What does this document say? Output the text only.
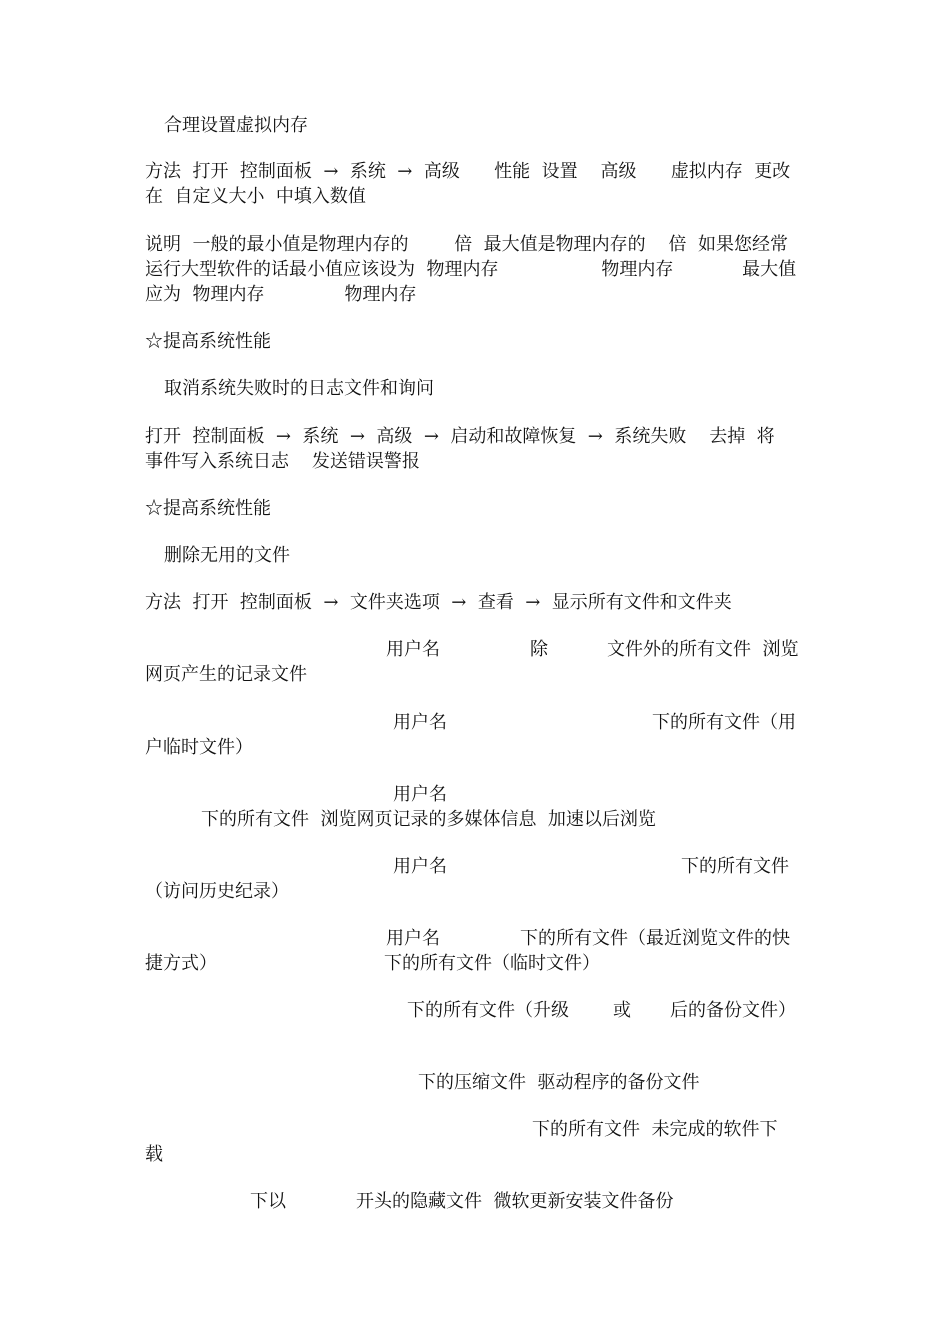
合理设置虚拟内存
方法  打开  控制面板  →  系统  →  高级      性能  设置    高级      虚拟内存  更改
在  自定义大小  中填入数值
说明  一般的最小值是物理内存的        倍  最大值是物理内存的    倍  如果您经常
运行大型软件的话最小值应该设为  物理内存                  物理内存            最大值
应为  物理内存              物理内存
☆提高系统性能
取消系统失败时的日志文件和询问
打开  控制面板  →  系统  →  高级  →  启动和故障恢复  →  系统失败    去掉  将
事件写入系统日志    发送错误警报
☆提高系统性能
删除无用的文件
方法  打开  控制面板  →  文件夹选项  →  查看  →  显示所有文件和文件夹
用户名	除	文件外的所有文件  浏览
网页产生的记录文件
用户名	下的所有文件（用
户临时文件）
用户名
下的所有文件  浏览网页记录的多媒体信息  加速以后浏览
用户名	下的所有文件
（访问历史纪录）
用户名	下的所有文件（最近浏览文件的快
捷方式）	下的所有文件（临时文件）
下的所有文件（升级 或 后的备份文件）
下的压缩文件  驱动程序的备份文件
下的所有文件  未完成的软件下
载
下以	开头的隐藏文件  微软更新安装文件备份
